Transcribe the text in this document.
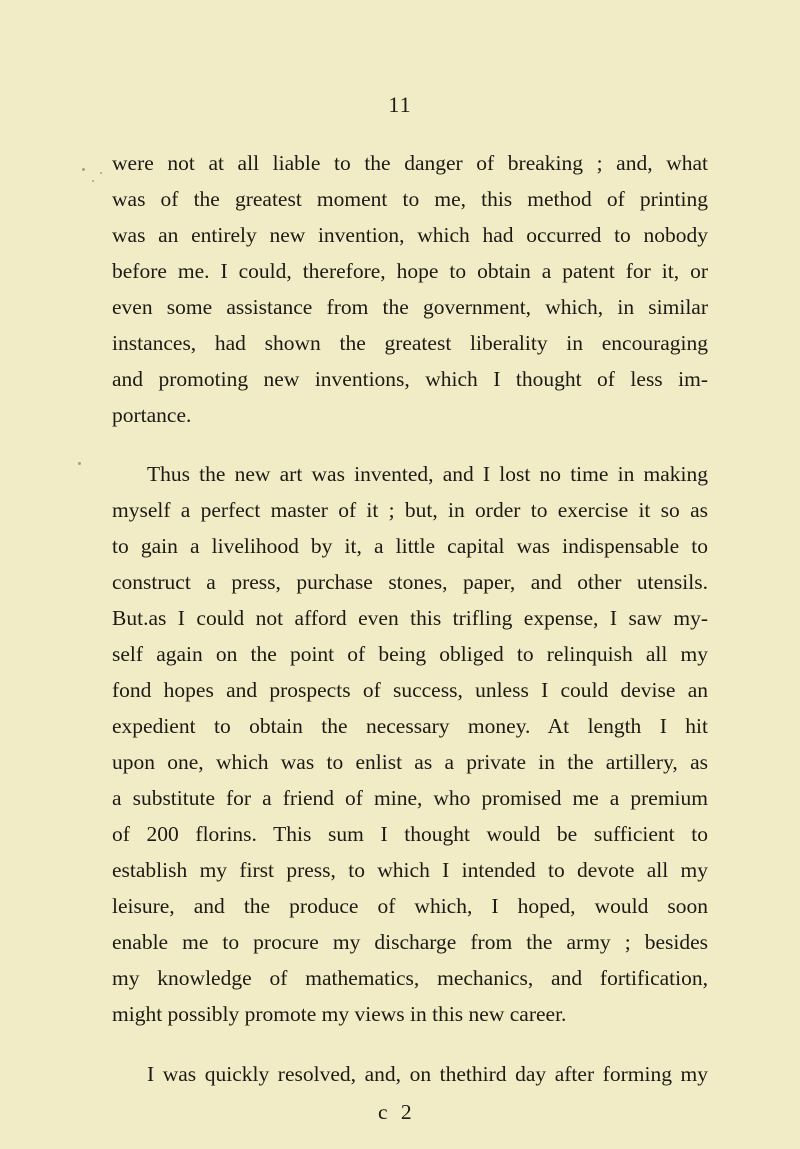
11
were not at all liable to the danger of breaking ; and, what
was of the greatest moment to me, this method of printing
was an entirely new invention, which had occurred to nobody
before me. I could, therefore, hope to obtain a patent for it, or
even some assistance from the government, which, in similar
instances, had shown the greatest liberality in encouraging
and promoting new inventions, which I thought of less im-
portance.
Thus the new art was invented, and I lost no time in making
myself a perfect master of it ; but, in order to exercise it so as
to gain a livelihood by it, a little capital was indispensable to
construct a press, purchase stones, paper, and other utensils.
But.as I could not afford even this trifling expense, I saw my-
self again on the point of being obliged to relinquish all my
fond hopes and prospects of success, unless I could devise an
expedient to obtain the necessary money. At length I hit
upon one, which was to enlist as a private in the artillery, as
a substitute for a friend of mine, who promised me a premium
of 200 florins. This sum I thought would be sufficient to
establish my first press, to which I intended to devote all my
leisure, and the produce of which, I hoped, would soon
enable me to procure my discharge from the army ; besides
my knowledge of mathematics, mechanics, and fortification,
might possibly promote my views in this new career.
I was quickly resolved, and, on thethird day after forming my
c 2
